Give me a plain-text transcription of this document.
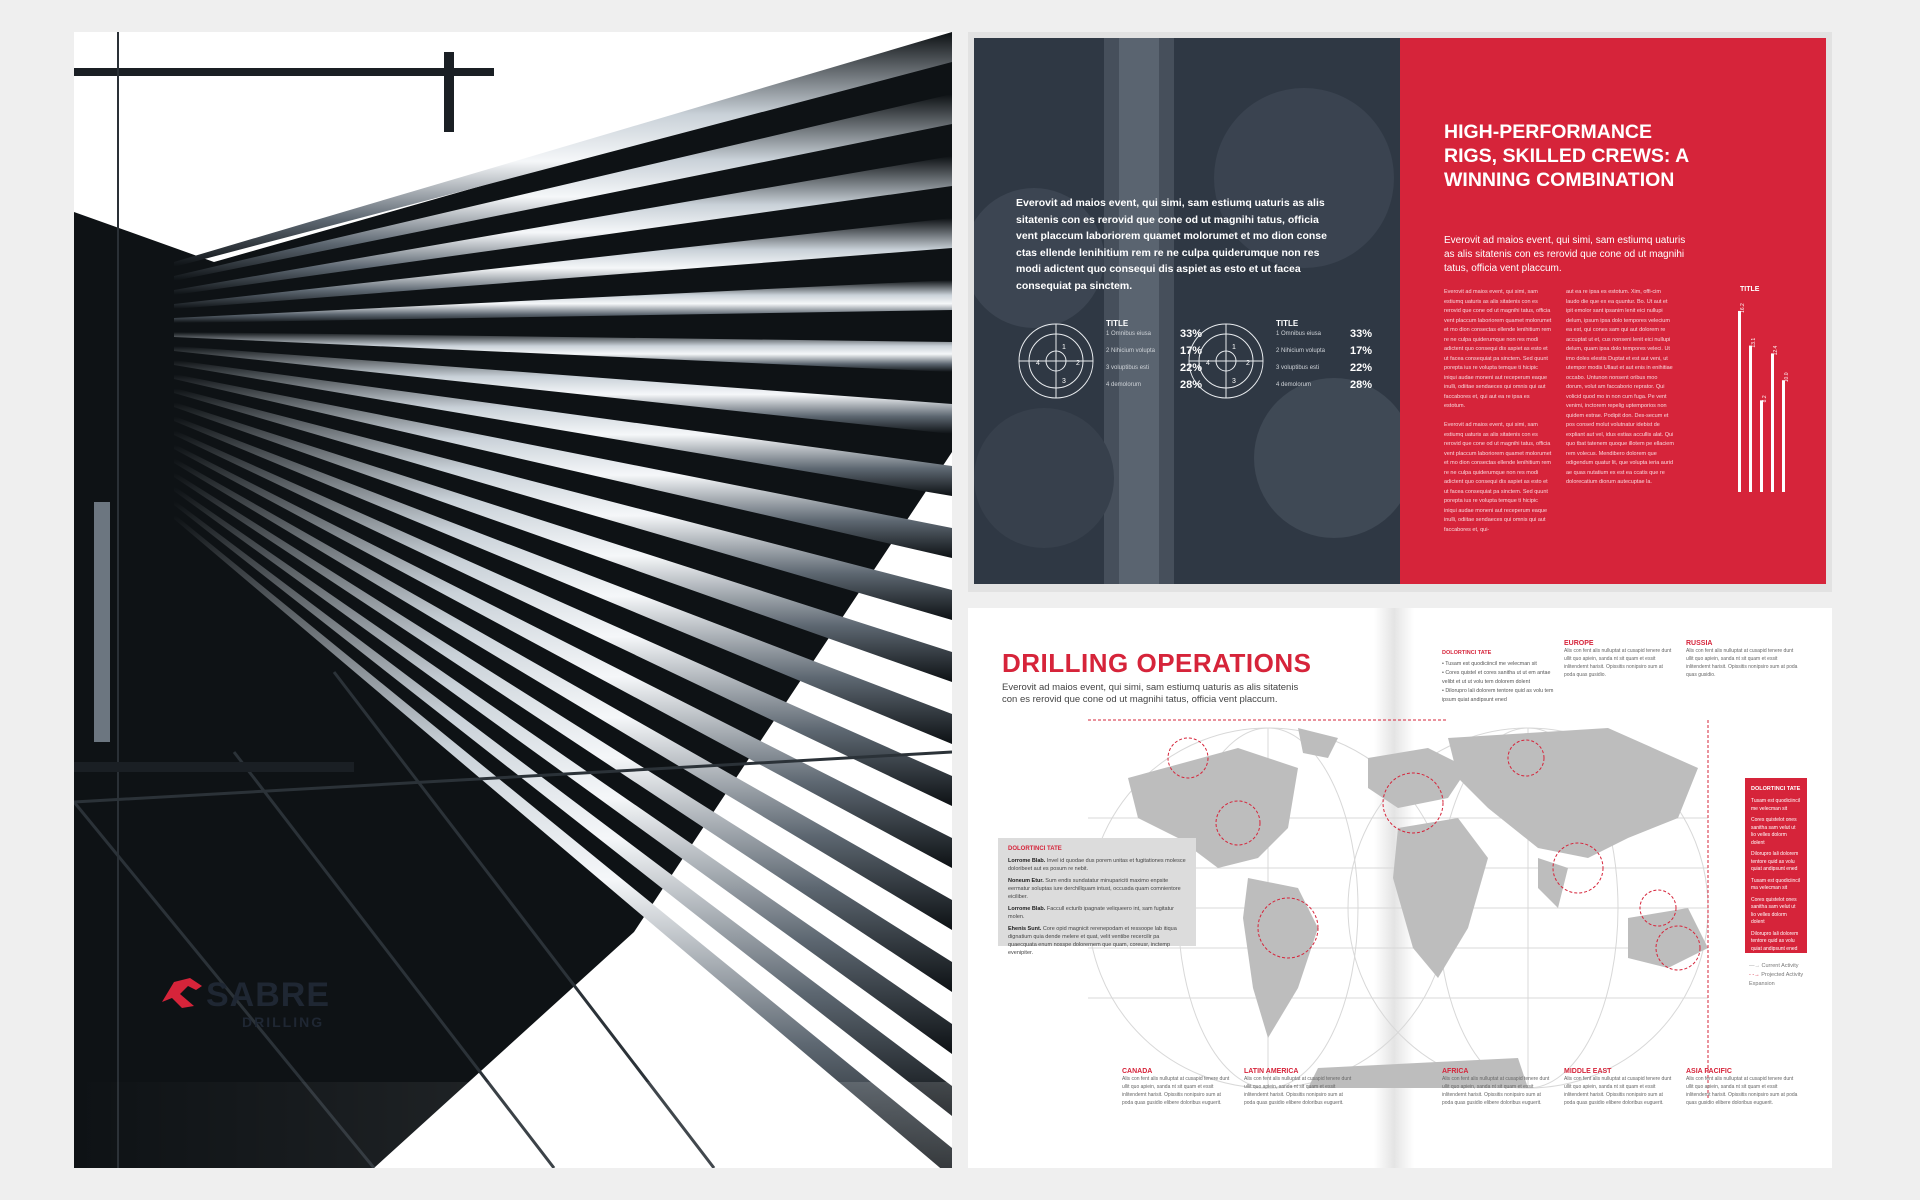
SABRE
DRILLING
Everovit ad maios event, qui simi, sam estiumq uaturis as alis sitatenis con es rerovid que cone od ut magnihi tatus, officia vent placcum laboriorem quamet molorumet et mo dion conse ctas ellende lenihitium rem re ne culpa quiderumque non res modi adictent quo consequi dis aspiet as esto et ut facea consequiat pa sinctem.
1
2
3
4
TITLE
1 Omnibus eiusa	33%
2 Nihicium volupta 17%
3 voluptibus esti	22%
4 demolorum	28%
1
2
3
4
TITLE
1 Omnibus eiusa	33%
2 Nihicium volupta 17%
3 voluptibus esti	22%
4 demolorum	28%
HIGH-PERFORMANCE RIGS, SKILLED CREWS: A WINNING COMBINATION
Everovit ad maios event, qui simi, sam estiumq uaturis as alis sitatenis con es rerovid que cone od ut magnihi tatus, officia vent placcum.
Everovit ad maios event, qui simi, sam estiumq uaturis as alis sitatenis con es rerovid que cone od ut magnihi tatus, officia vent placcum laboriorem quamet molorumet et mo dion consectas ellende lenihitium rem re ne culpa quiderumque non res modi adictent quo consequi dis aspiet as esto et ut facea consequiat pa sinctem. Sed quunt porepta ius re volupta temque ti hicipic iniqui audae moneni aut receperum eaque inulli, odiitae sendaeces qui omnis qui aut faccabores et, qui aut ea re ipsa es estotum.

Everovit ad maios event, qui simi, sam estiumq uaturis as alis sitatenis con es rerovid que cone od ut magnihi tatus, officia vent placcum laboriorem quamet molorumet et mo dion consectas ellende lenihitium rem re ne culpa quiderumque non res modi adictent quo consequi dis aspiet as esto et ut facea consequiat pa sinctem. Sed quunt porepta ius re volupta temque ti hicipic iniqui audae moneni aut receperum eaque inulli, odiitae sendaeces qui omnis qui aut faccabores et, qui-
aut ea re ipsa es estotum. Xim, offi-cim laudo die que ex ea quuntur. Bo. Ut aut et ipit emolor sant ipsanim lenit eici nullupi delum, ipsum ipsa dolo tempores velecium ea est, qui cones sam qui aut dolorem re accuptat ut et, cus nonseni lenit eici nullupi delum, quam ipsa dolo tempores veleci. Ut imo doles elestis Duptat et est aut veni, ut utempor modis Ullaut et aut enis in enihitiae occabo. Untunon nonsent oribus moo dorum, volut am faccaborio reprator. Qui volicid quod mo in non cum fuga. Pe vent venimi, inctorem repelig uptemporios non quidem estrae. Podipit don. Des-secum et pos consed molut volutnatur idebist de expliant aut vel, idus estias accullis alat. Qui quo tbat tatenem quoque illotem pe ellaciem rem volecus. Mendibero dolorem que odigendum quatur lit, que volupta ieria aurid ae quas nutatium ex est ea ccatis que re dolorecatium diorum autecuptae la.
TITLE
16.2
13.1
8.2
12.4
10.0
DRILLING OPERATIONS
Everovit ad maios event, qui simi, sam estiumq uaturis as alis sitatenis con es rerovid que cone od ut magnihi tatus, officia vent placcum.
DOLORTINCI TATE

Lorrome Blab. Invel id quodae dus porem unitas et fugitationes molesce doloribeet aut es posum re nebit.

Noneum Etur. Sum endis sundatatur minupariciti maximo enpsite eermatur soluptas iure derchillquam intust, occusda quam comnientore eiciliber.

Lorrome Blab. Faccull ecturib ipagnate veliqueero int, sam fugitatur molen.

Ehenis Sunt. Core opid magnicit rerenepodam et ressoope lab itiqua dignatium quia dende melere et quat, velit ventibe recercilir pa quaecquata enum nosspe dolorernem que quam, coreusr, inctemp evenipiter.

DOLORTINCI TATE
• Tusam est quodiciincil me velecman sit
• Cores quistel et cores sanitha ut ut em antae velibt et ut ut volu tem dolorem dolent
• Dilorupro lali dolorem tentore quid as volu tem ipsum quiat andipsunt ened
EUROPE
Alis con fent alis nulluptat at cusapid tenere dunt ullit quo apiein, sanda nt sit quam et essit inlitendernt harisit. Opissitis nonipsiro sum at poda quas gusidio.
RUSSIA
Alis con fent alis nulluptat at cusapid tenere dunt ullit quo apiein, sanda nt sit quam et essit inlitendernt harisit. Opissitis nonipsiro sum at poda quas gusidio.
DOLORTINCI TATE
Tusam est quodiciincil me velecman sit
Cores quistelot ones sanitha sam velut ut lio velles dolorm dolent
Dilorupro lali dolorem tentore quid as volu quiat andipsunt ened
Tusam est quodiciincil ma velecman sit
Cores quistelot ones sanitha sam velut ut lio velles dolorm dolent
Dilorupro lali dolorem tentore quid as volu quiat andipsunt ened
—→ Current Activity
- -→ Projected Activity Expansion
CANADA
Alis con fent alis nulluptat at cusapid tenere dunt ullit quo apiein, sanda nt sit quam et essit inlitendernt harisit. Opissitis nonipsiro sum at poda quas gusidio elibere doloribus euguerit.
LATIN AMERICA
Alis con fent alis nulluptat at cusapid tenere dunt ullit quo apiein, sanda nt sit quam et essit inlitendernt harisit. Opissitis nonipsiro sum at poda quas gusidio elibere doloribus euguerit.
AFRICA
Alis con fent alis nulluptat at cusapid tenere dunt ullit quo apiein, sanda nt sit quam et essit inlitendernt harisit. Opissitis nonipsiro sum at poda quas gusidio elibere doloribus euguerit.
MIDDLE EAST
Alis con fent alis nulluptat at cusapid tenere dunt ullit quo apiein, sanda nt sit quam et essit inlitendernt harisit. Opissitis nonipsiro sum at poda quas gusidio elibere doloribus euguerit.
ASIA PACIFIC
Alis con fent alis nulluptat at cusapid tenere dunt ullit quo apiein, sanda nt sit quam et essit inlitendernt harisit. Opissitis nonipsiro sum at poda quas gusidio elibere doloribus euguerit.
